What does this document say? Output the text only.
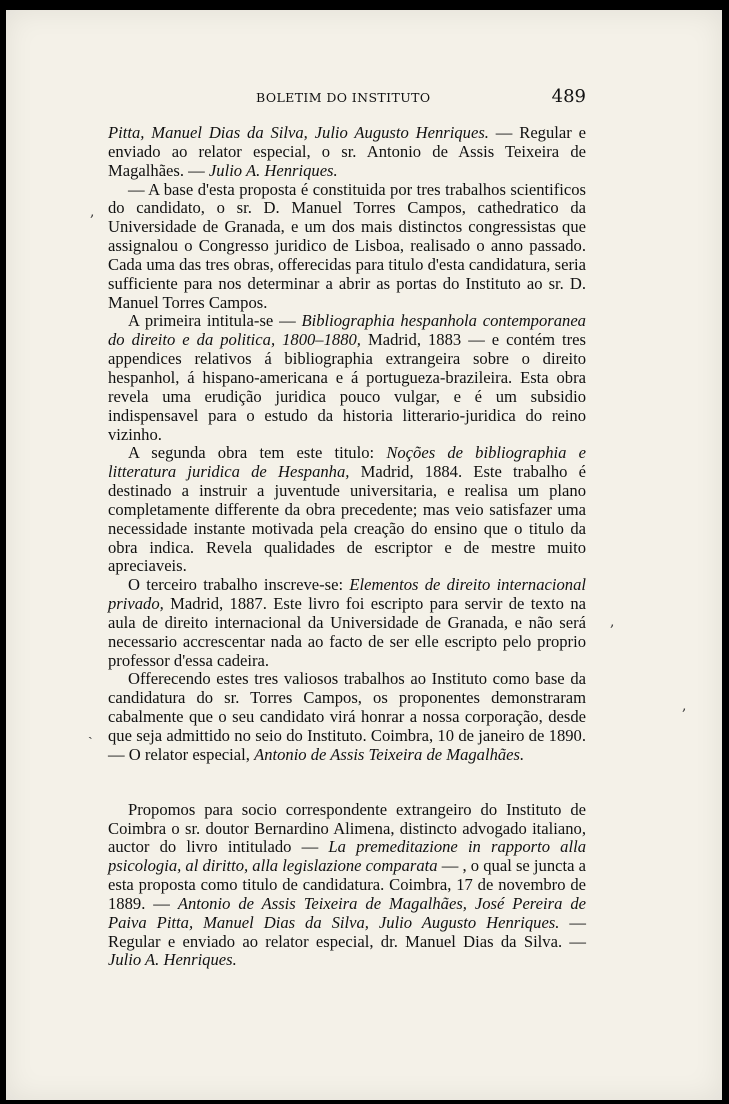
BOLETIM DO INSTITUTO	489

Pitta, Manuel Dias da Silva, Julio Augusto Henriques. — Regular e enviado ao relator especial, o sr. Antonio de Assis Teixeira de Magalhães. — Julio A. Henriques.

— A base d'esta proposta é constituida por tres trabalhos scientificos do candidato, o sr. D. Manuel Torres Campos, cathedratico da Universidade de Granada, e um dos mais distinctos congressistas que assignalou o Congresso juridico de Lisboa, realisado o anno passado. Cada uma das tres obras, offerecidas para titulo d'esta candidatura, seria sufficiente para nos determinar a abrir as portas do Instituto ao sr. D. Manuel Torres Campos.

A primeira intitula-se — Bibliographia hespanhola contemporanea do direito e da politica, 1800–1880, Madrid, 1883 — e contém tres appendices relativos á bibliographia extrangeira sobre o direito hespanhol, á hispano-americana e á portugueza-brazileira. Esta obra revela uma erudição juridica pouco vulgar, e é um subsidio indispensavel para o estudo da historia litterario-juridica do reino vizinho.

A segunda obra tem este titulo: Noções de bibliographia e litteratura juridica de Hespanha, Madrid, 1884. Este trabalho é destinado a instruir a juventude universitaria, e realisa um plano completamente differente da obra precedente; mas veio satisfazer uma necessidade instante motivada pela creação do ensino que o titulo da obra indica. Revela qualidades de escriptor e de mestre muito apreciaveis.

O terceiro trabalho inscreve-se: Elementos de direito internacional privado, Madrid, 1887. Este livro foi escripto para servir de texto na aula de direito internacional da Universidade de Granada, e não será necessario accrescentar nada ao facto de ser elle escripto pelo proprio professor d'essa cadeira.

Offerecendo estes tres valiosos trabalhos ao Instituto como base da candidatura do sr. Torres Campos, os proponentes demonstraram cabalmente que o seu candidato virá honrar a nossa corporação, desde que seja admittido no seio do Instituto. Coimbra, 10 de janeiro de 1890. — O relator especial, Antonio de Assis Teixeira de Magalhães.

Propomos para socio correspondente extrangeiro do Instituto de Coimbra o sr. doutor Bernardino Alimena, distincto advogado italiano, auctor do livro intitulado — La premeditazione in rapporto alla psicologia, al diritto, alla legislazione comparata — , o qual se juncta a esta proposta como titulo de candidatura. Coimbra, 17 de novembro de 1889. — Antonio de Assis Teixeira de Magalhães, José Pereira de Paiva Pitta, Manuel Dias da Silva, Julio Augusto Henriques. — Regular e enviado ao relator especial, dr. Manuel Dias da Silva. — Julio A. Henriques.

,
ˎ
,
,
